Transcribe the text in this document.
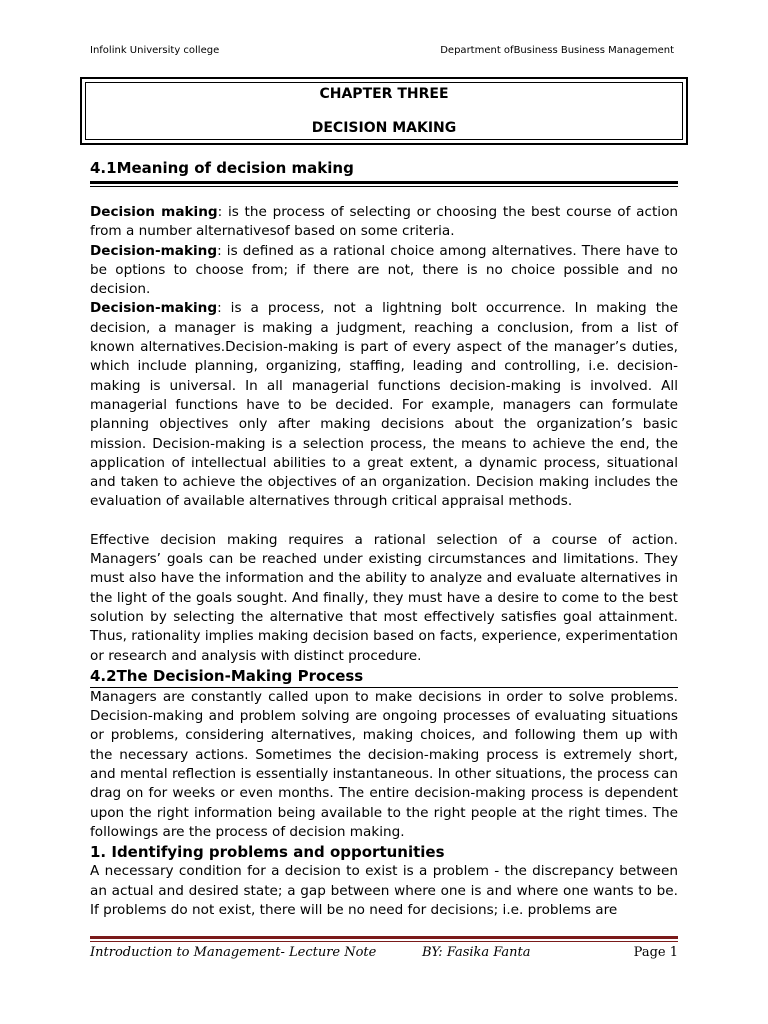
Infolink University college	Department ofBusiness Business Management
CHAPTER THREE
DECISION MAKING
4.1Meaning of decision making

Decision making: is the process of selecting or choosing the best course of action from a number alternativesof based on some criteria.

Decision-making: is defined as a rational choice among alternatives. There have to be options to choose from; if there are not, there is no choice possible and no decision.

Decision-making: is a process, not a lightning bolt occurrence. In making the decision, a manager is making a judgment, reaching a conclusion, from a list of known alternatives.Decision-making is part of every aspect of the manager’s duties, which include planning, organizing, staffing, leading and controlling, i.e. decision-making is universal. In all managerial functions decision-making is involved. All managerial functions have to be decided. For example, managers can formulate planning objectives only after making decisions about the organization’s basic mission. Decision-making is a selection process, the means to achieve the end, the application of intellectual abilities to a great extent, a dynamic process, situational and taken to achieve the objectives of an organization. Decision making includes the evaluation of available alternatives through critical appraisal methods.

Effective decision making requires a rational selection of a course of action. Managers’ goals can be reached under existing circumstances and limitations. They must also have the information and the ability to analyze and evaluate alternatives in the light of the goals sought. And finally, they must have a desire to come to the best solution by selecting the alternative that most effectively satisfies goal attainment. Thus, rationality implies making decision based on facts, experience, experimentation or research and analysis with distinct procedure.

4.2The Decision-Making Process

Managers are constantly called upon to make decisions in order to solve problems. Decision-making and problem solving are ongoing processes of evaluating situations or problems, considering alternatives, making choices, and following them up with the necessary actions. Sometimes the decision-making process is extremely short, and mental reflection is essentially instantaneous. In other situations, the process can drag on for weeks or even months. The entire decision-making process is dependent upon the right information being available to the right people at the right times. The followings are the process of decision making.

1. Identifying problems and opportunities

A necessary condition for a decision to exist is a problem - the discrepancy between an actual and desired state; a gap between where one is and where one wants to be. If problems do not exist, there will be no need for decisions; i.e. problems are

Introduction to Management- Lecture Note	BY: Fasika Fanta	Page 1
